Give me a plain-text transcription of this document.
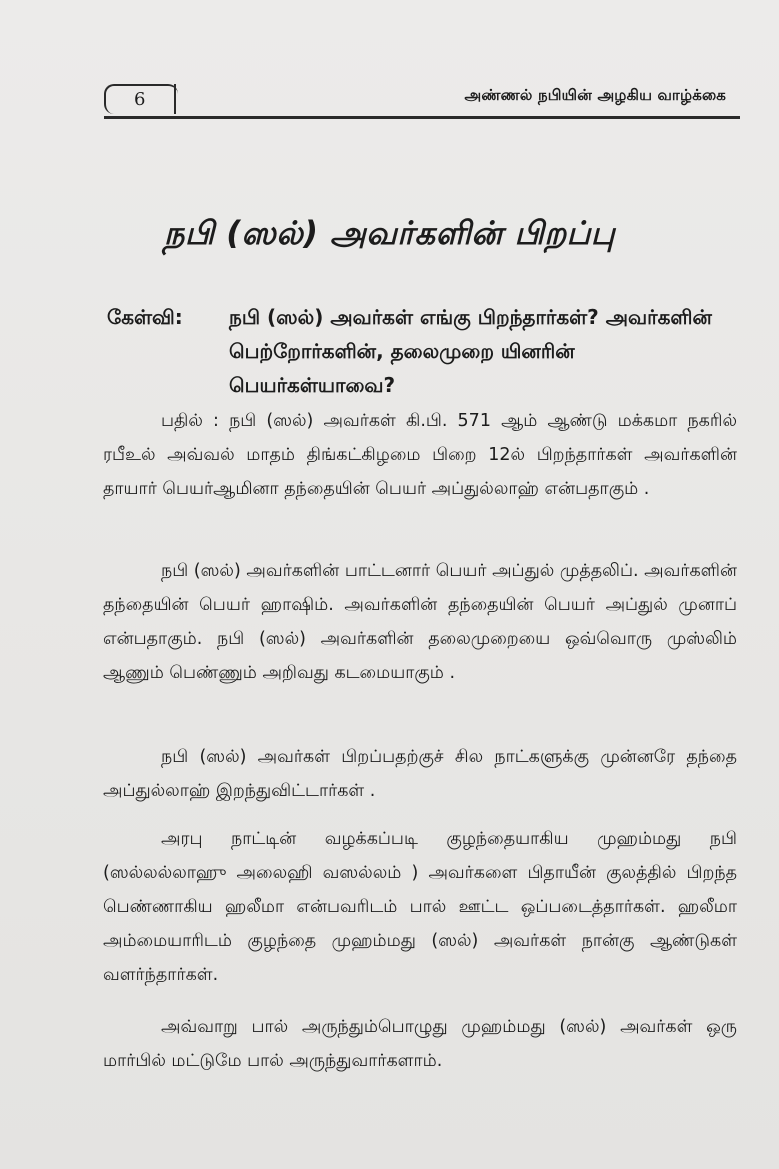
6	அண்ணல் நபியின் அழகிய வாழ்க்கை
நபி (ஸல்) அவர்களின் பிறப்பு
கேள்வி: நபி (ஸல்) அவர்கள் எங்கு பிறந்தார்கள்? அவர்களின் பெற்றோர்களின், தலைமுறை யினரின் பெயர்கள்யாவை?
பதில் : நபி (ஸல்) அவர்கள் கி.பி. 571 ஆம் ஆண்டு மக்கமா நகரில் ரபீஉல் அவ்வல் மாதம் திங்கட்கிழமை பிறை 12ல் பிறந்தார்கள் அவர்களின் தாயார் பெயர்ஆமினா தந்தையின் பெயர் அப்துல்லாஹ் என்பதாகும் .
நபி (ஸல்) அவர்களின் பாட்டனார் பெயர் அப்துல் முத்தலிப். அவர்களின் தந்தையின் பெயர் ஹாஷிம். அவர்களின் தந்தையின் பெயர் அப்துல் முனாப் என்பதாகும். நபி (ஸல்) அவர்களின் தலைமுறையை ஒவ்வொரு முஸ்லிம் ஆணும் பெண்ணும் அறிவது கடமையாகும் .
நபி (ஸல்) அவர்கள் பிறப்பதற்குச் சில நாட்களுக்கு முன்னரே தந்தை அப்துல்லாஹ் இறந்துவிட்டார்கள் .
அரபு நாட்டின் வழக்கப்படி குழந்தையாகிய முஹம்மது நபி (ஸல்லல்லாஹு அலைஹி வஸல்லம் ) அவர்களை பிதாயீன் குலத்தில் பிறந்த பெண்ணாகிய ஹலீமா என்பவரிடம் பால் ஊட்ட ஒப்படைத்தார்கள். ஹலீமா அம்மையாரிடம் குழந்தை முஹம்மது (ஸல்) அவர்கள் நான்கு ஆண்டுகள் வளர்ந்தார்கள்.
அவ்வாறு பால் அருந்தும்பொழுது முஹம்மது (ஸல்) அவர்கள் ஒரு மார்பில் மட்டுமே பால் அருந்துவார்களாம்.
